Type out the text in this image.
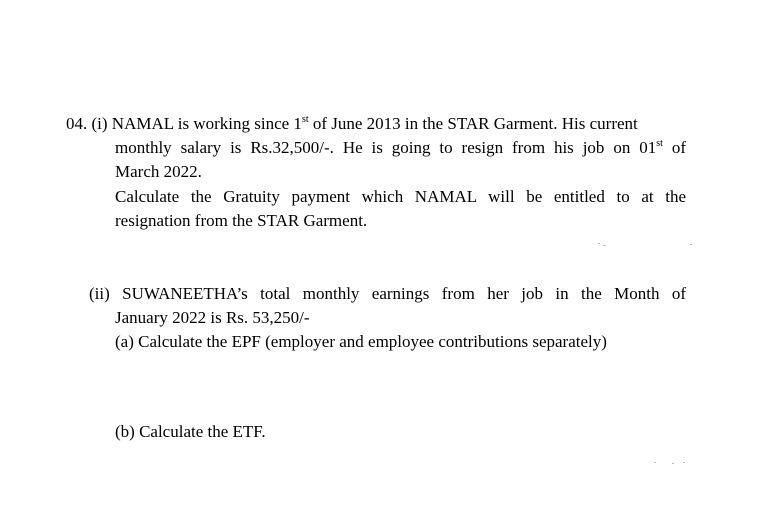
04. (i) NAMAL is working since 1st of June 2013 in the STAR Garment. His current
monthly salary is Rs.32,500/-. He is going to resign from his job on 01st of
March 2022.
Calculate the Gratuity payment which NAMAL will be entitled to at the
resignation from the STAR Garment.
(ii) SUWANEETHA’s total monthly earnings from her job in the Month of
January 2022 is Rs. 53,250/-
(a) Calculate the EPF (employer and employee contributions separately)
(b) Calculate the ETF.
